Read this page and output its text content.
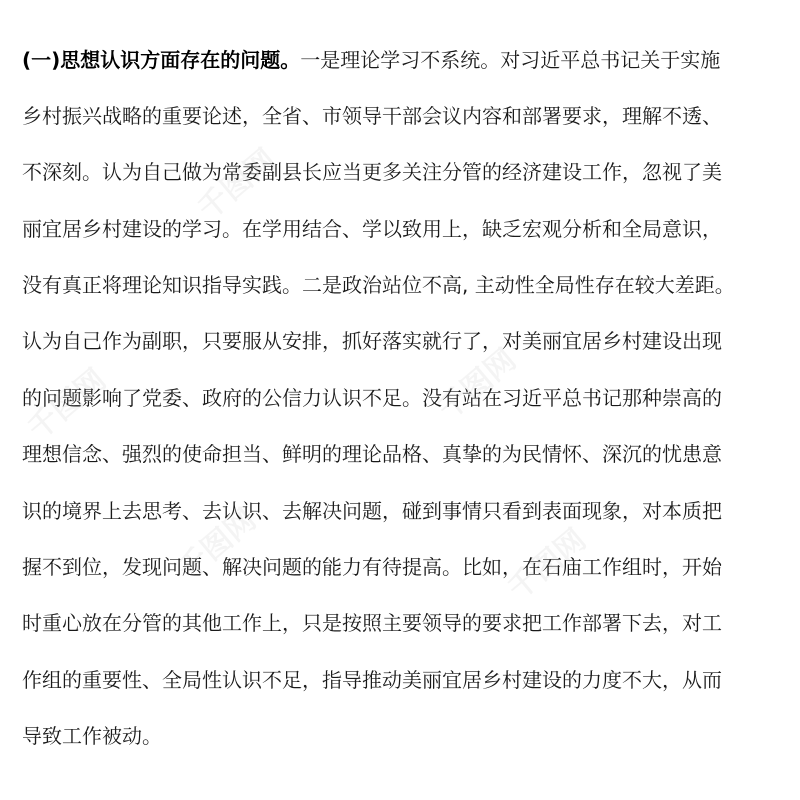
(一)思想认识方面存在的问题。一是理论学习不系统。对习近平总书记关于实施
乡村振兴战略的重要论述，全省、市领导干部会议内容和部署要求，理解不透、
不深刻。认为自己做为常委副县长应当更多关注分管的经济建设工作，忽视了美
丽宜居乡村建设的学习。在学用结合、学以致用上，缺乏宏观分析和全局意识，
没有真正将理论知识指导实践。二是政治站位不高, 主动性全局性存在较大差距。
认为自己作为副职，只要服从安排，抓好落实就行了，对美丽宜居乡村建设出现
的问题影响了党委、政府的公信力认识不足。没有站在习近平总书记那种崇高的
理想信念、强烈的使命担当、鲜明的理论品格、真挚的为民情怀、深沉的忧患意
识的境界上去思考、去认识、去解决问题，碰到事情只看到表面现象，对本质把
握不到位，发现问题、解决问题的能力有待提高。比如，在石庙工作组时，开始
时重心放在分管的其他工作上，只是按照主要领导的要求把工作部署下去，对工
作组的重要性、全局性认识不足，指导推动美丽宜居乡村建设的力度不大，从而
导致工作被动。
千图网
千图网
千图网	千图网
千图网
